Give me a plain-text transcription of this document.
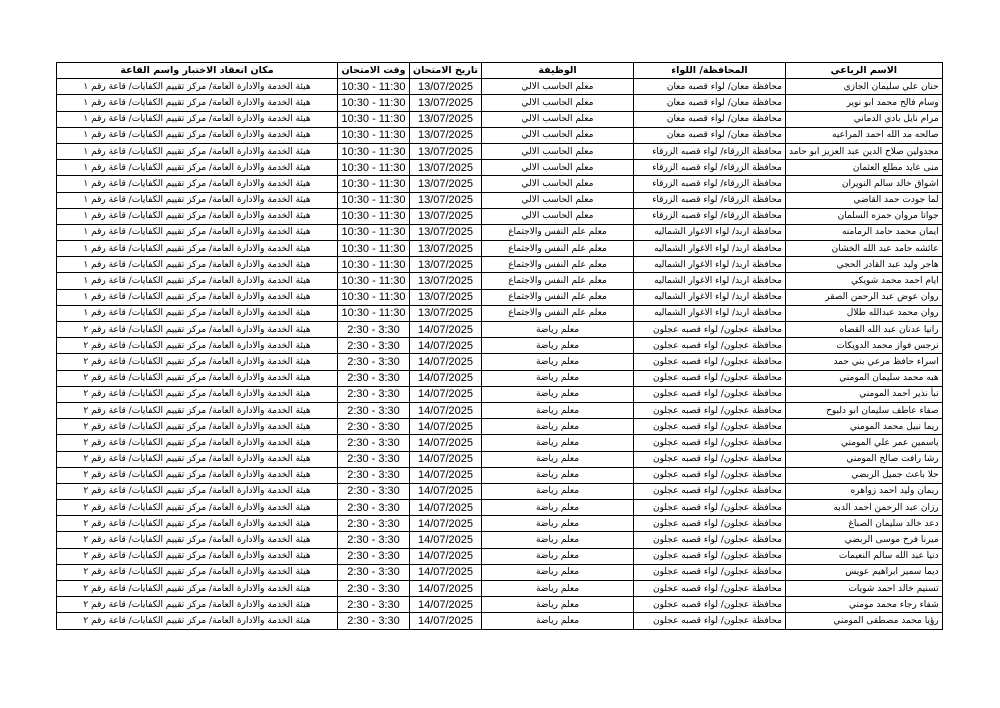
الاسم الرباعي	المحافظة/ اللواء	الوظيفة	تاريخ الامتحان	وقت الامتحان	مكان انعقاد الاختبار واسم القاعة
حنان علي سليمان الجازي	محافظة معان/ لواء قصبه معان	معلم الحاسب الالي	13/07/2025	10:30 - 11:30	هيئة الخدمة والادارة العامة/ مركز تقييم الكفايات/ قاعة رقم ١
وسام فالح محمد ابو نوير	محافظة معان/ لواء قصبه معان	معلم الحاسب الالي	13/07/2025	10:30 - 11:30	هيئة الخدمة والادارة العامة/ مركز تقييم الكفايات/ قاعة رقم ١
مرام نايل بادي الدماني	محافظة معان/ لواء قصبه معان	معلم الحاسب الالي	13/07/2025	10:30 - 11:30	هيئة الخدمة والادارة العامة/ مركز تقييم الكفايات/ قاعة رقم ١
صالحه مد الله احمد المراعيه	محافظة معان/ لواء قصبه معان	معلم الحاسب الالي	13/07/2025	10:30 - 11:30	هيئة الخدمة والادارة العامة/ مركز تقييم الكفايات/ قاعة رقم ١
مجدولين صلاح الدين عبد العزيز ابو حامد	محافظة الزرقاء/ لواء قصبه الزرقاء	معلم الحاسب الالي	13/07/2025	10:30 - 11:30	هيئة الخدمة والادارة العامة/ مركز تقييم الكفايات/ قاعة رقم ١
منى عايد مطلع العثمان	محافظة الزرقاء/ لواء قصبه الزرقاء	معلم الحاسب الالي	13/07/2025	10:30 - 11:30	هيئة الخدمة والادارة العامة/ مركز تقييم الكفايات/ قاعة رقم ١
اشواق خالد سالم النويران	محافظة الزرقاء/ لواء قصبه الزرقاء	معلم الحاسب الالي	13/07/2025	10:30 - 11:30	هيئة الخدمة والادارة العامة/ مركز تقييم الكفايات/ قاعة رقم ١
لما جودت حمد القاضي	محافظة الزرقاء/ لواء قصبه الزرقاء	معلم الحاسب الالي	13/07/2025	10:30 - 11:30	هيئة الخدمة والادارة العامة/ مركز تقييم الكفايات/ قاعة رقم ١
جوانا مروان حمزه السلمان	محافظة الزرقاء/ لواء قصبه الزرقاء	معلم الحاسب الالي	13/07/2025	10:30 - 11:30	هيئة الخدمة والادارة العامة/ مركز تقييم الكفايات/ قاعة رقم ١
ايمان محمد حامد الرمامنه	محافظة اربد/ لواء الاغوار الشماليه	معلم علم النفس والاجتماع	13/07/2025	10:30 - 11:30	هيئة الخدمة والادارة العامة/ مركز تقييم الكفايات/ قاعة رقم ١
عائشه حامد عبد الله الخشان	محافظة اربد/ لواء الاغوار الشماليه	معلم علم النفس والاجتماع	13/07/2025	10:30 - 11:30	هيئة الخدمة والادارة العامة/ مركز تقييم الكفايات/ قاعة رقم ١
هاجر وليد عبد القادر الحجي	محافظة اربد/ لواء الاغوار الشماليه	معلم علم النفس والاجتماع	13/07/2025	10:30 - 11:30	هيئة الخدمة والادارة العامة/ مركز تقييم الكفايات/ قاعة رقم ١
ايام احمد محمد شويكي	محافظة اربد/ لواء الاغوار الشماليه	معلم علم النفس والاجتماع	13/07/2025	10:30 - 11:30	هيئة الخدمة والادارة العامة/ مركز تقييم الكفايات/ قاعة رقم ١
روان عوض عبد الرحمن الصقر	محافظة اربد/ لواء الاغوار الشماليه	معلم علم النفس والاجتماع	13/07/2025	10:30 - 11:30	هيئة الخدمة والادارة العامة/ مركز تقييم الكفايات/ قاعة رقم ١
روان محمد عبدالله طلال	محافظة اربد/ لواء الاغوار الشماليه	معلم علم النفس والاجتماع	13/07/2025	10:30 - 11:30	هيئة الخدمة والادارة العامة/ مركز تقييم الكفايات/ قاعة رقم ١
رانيا عدنان عبد الله القضاه	محافظة عجلون/ لواء قصبه عجلون	معلم رياضة	14/07/2025	2:30 - 3:30	هيئة الخدمة والادارة العامة/ مركز تقييم الكفايات/ قاعة رقم ٢
نرجس فواز محمد الدويكات	محافظة عجلون/ لواء قصبه عجلون	معلم رياضة	14/07/2025	2:30 - 3:30	هيئة الخدمة والادارة العامة/ مركز تقييم الكفايات/ قاعة رقم ٢
اسراء حافظ مرعي بني حمد	محافظة عجلون/ لواء قصبه عجلون	معلم رياضة	14/07/2025	2:30 - 3:30	هيئة الخدمة والادارة العامة/ مركز تقييم الكفايات/ قاعة رقم ٢
هبه محمد سليمان المومني	محافظة عجلون/ لواء قصبه عجلون	معلم رياضة	14/07/2025	2:30 - 3:30	هيئة الخدمة والادارة العامة/ مركز تقييم الكفايات/ قاعة رقم ٢
نبأ نذير احمد المومني	محافظة عجلون/ لواء قصبه عجلون	معلم رياضة	14/07/2025	2:30 - 3:30	هيئة الخدمة والادارة العامة/ مركز تقييم الكفايات/ قاعة رقم ٢
صفاء عاطف سليمان ابو دلبوح	محافظة عجلون/ لواء قصبه عجلون	معلم رياضة	14/07/2025	2:30 - 3:30	هيئة الخدمة والادارة العامة/ مركز تقييم الكفايات/ قاعة رقم ٢
ريما نبيل محمد المومني	محافظة عجلون/ لواء قصبه عجلون	معلم رياضة	14/07/2025	2:30 - 3:30	هيئة الخدمة والادارة العامة/ مركز تقييم الكفايات/ قاعة رقم ٢
ياسمين عمر علي المومني	محافظة عجلون/ لواء قصبه عجلون	معلم رياضة	14/07/2025	2:30 - 3:30	هيئة الخدمة والادارة العامة/ مركز تقييم الكفايات/ قاعة رقم ٢
رشا رافت صالح المومني	محافظة عجلون/ لواء قصبه عجلون	معلم رياضة	14/07/2025	2:30 - 3:30	هيئة الخدمة والادارة العامة/ مركز تقييم الكفايات/ قاعة رقم ٢
حلا باعث جميل الربضي	محافظة عجلون/ لواء قصبه عجلون	معلم رياضة	14/07/2025	2:30 - 3:30	هيئة الخدمة والادارة العامة/ مركز تقييم الكفايات/ قاعة رقم ٢
ريمان وليد احمد زواهره	محافظة عجلون/ لواء قصبه عجلون	معلم رياضة	14/07/2025	2:30 - 3:30	هيئة الخدمة والادارة العامة/ مركز تقييم الكفايات/ قاعة رقم ٢
رزان عبد الرحمن احمد الدبه	محافظة عجلون/ لواء قصبه عجلون	معلم رياضة	14/07/2025	2:30 - 3:30	هيئة الخدمة والادارة العامة/ مركز تقييم الكفايات/ قاعة رقم ٢
دعد خالد سليمان الصباغ	محافظة عجلون/ لواء قصبه عجلون	معلم رياضة	14/07/2025	2:30 - 3:30	هيئة الخدمة والادارة العامة/ مركز تقييم الكفايات/ قاعة رقم ٢
ميرنا فرح موسى الربضي	محافظة عجلون/ لواء قصبه عجلون	معلم رياضة	14/07/2025	2:30 - 3:30	هيئة الخدمة والادارة العامة/ مركز تقييم الكفايات/ قاعة رقم ٢
دنيا عبد الله سالم النعيمات	محافظة عجلون/ لواء قصبه عجلون	معلم رياضة	14/07/2025	2:30 - 3:30	هيئة الخدمة والادارة العامة/ مركز تقييم الكفايات/ قاعة رقم ٢
ديما سمير ابراهيم عويس	محافظة عجلون/ لواء قصبه عجلون	معلم رياضة	14/07/2025	2:30 - 3:30	هيئة الخدمة والادارة العامة/ مركز تقييم الكفايات/ قاعة رقم ٢
تسنيم خالد احمد شويات	محافظة عجلون/ لواء قصبه عجلون	معلم رياضة	14/07/2025	2:30 - 3:30	هيئة الخدمة والادارة العامة/ مركز تقييم الكفايات/ قاعة رقم ٢
شفاء رجاء محمد مومني	محافظة عجلون/ لواء قصبه عجلون	معلم رياضة	14/07/2025	2:30 - 3:30	هيئة الخدمة والادارة العامة/ مركز تقييم الكفايات/ قاعة رقم ٢
رؤيا محمد مصطفى المومني	محافظة عجلون/ لواء قصبه عجلون	معلم رياضة	14/07/2025	2:30 - 3:30	هيئة الخدمة والادارة العامة/ مركز تقييم الكفايات/ قاعة رقم ٢
